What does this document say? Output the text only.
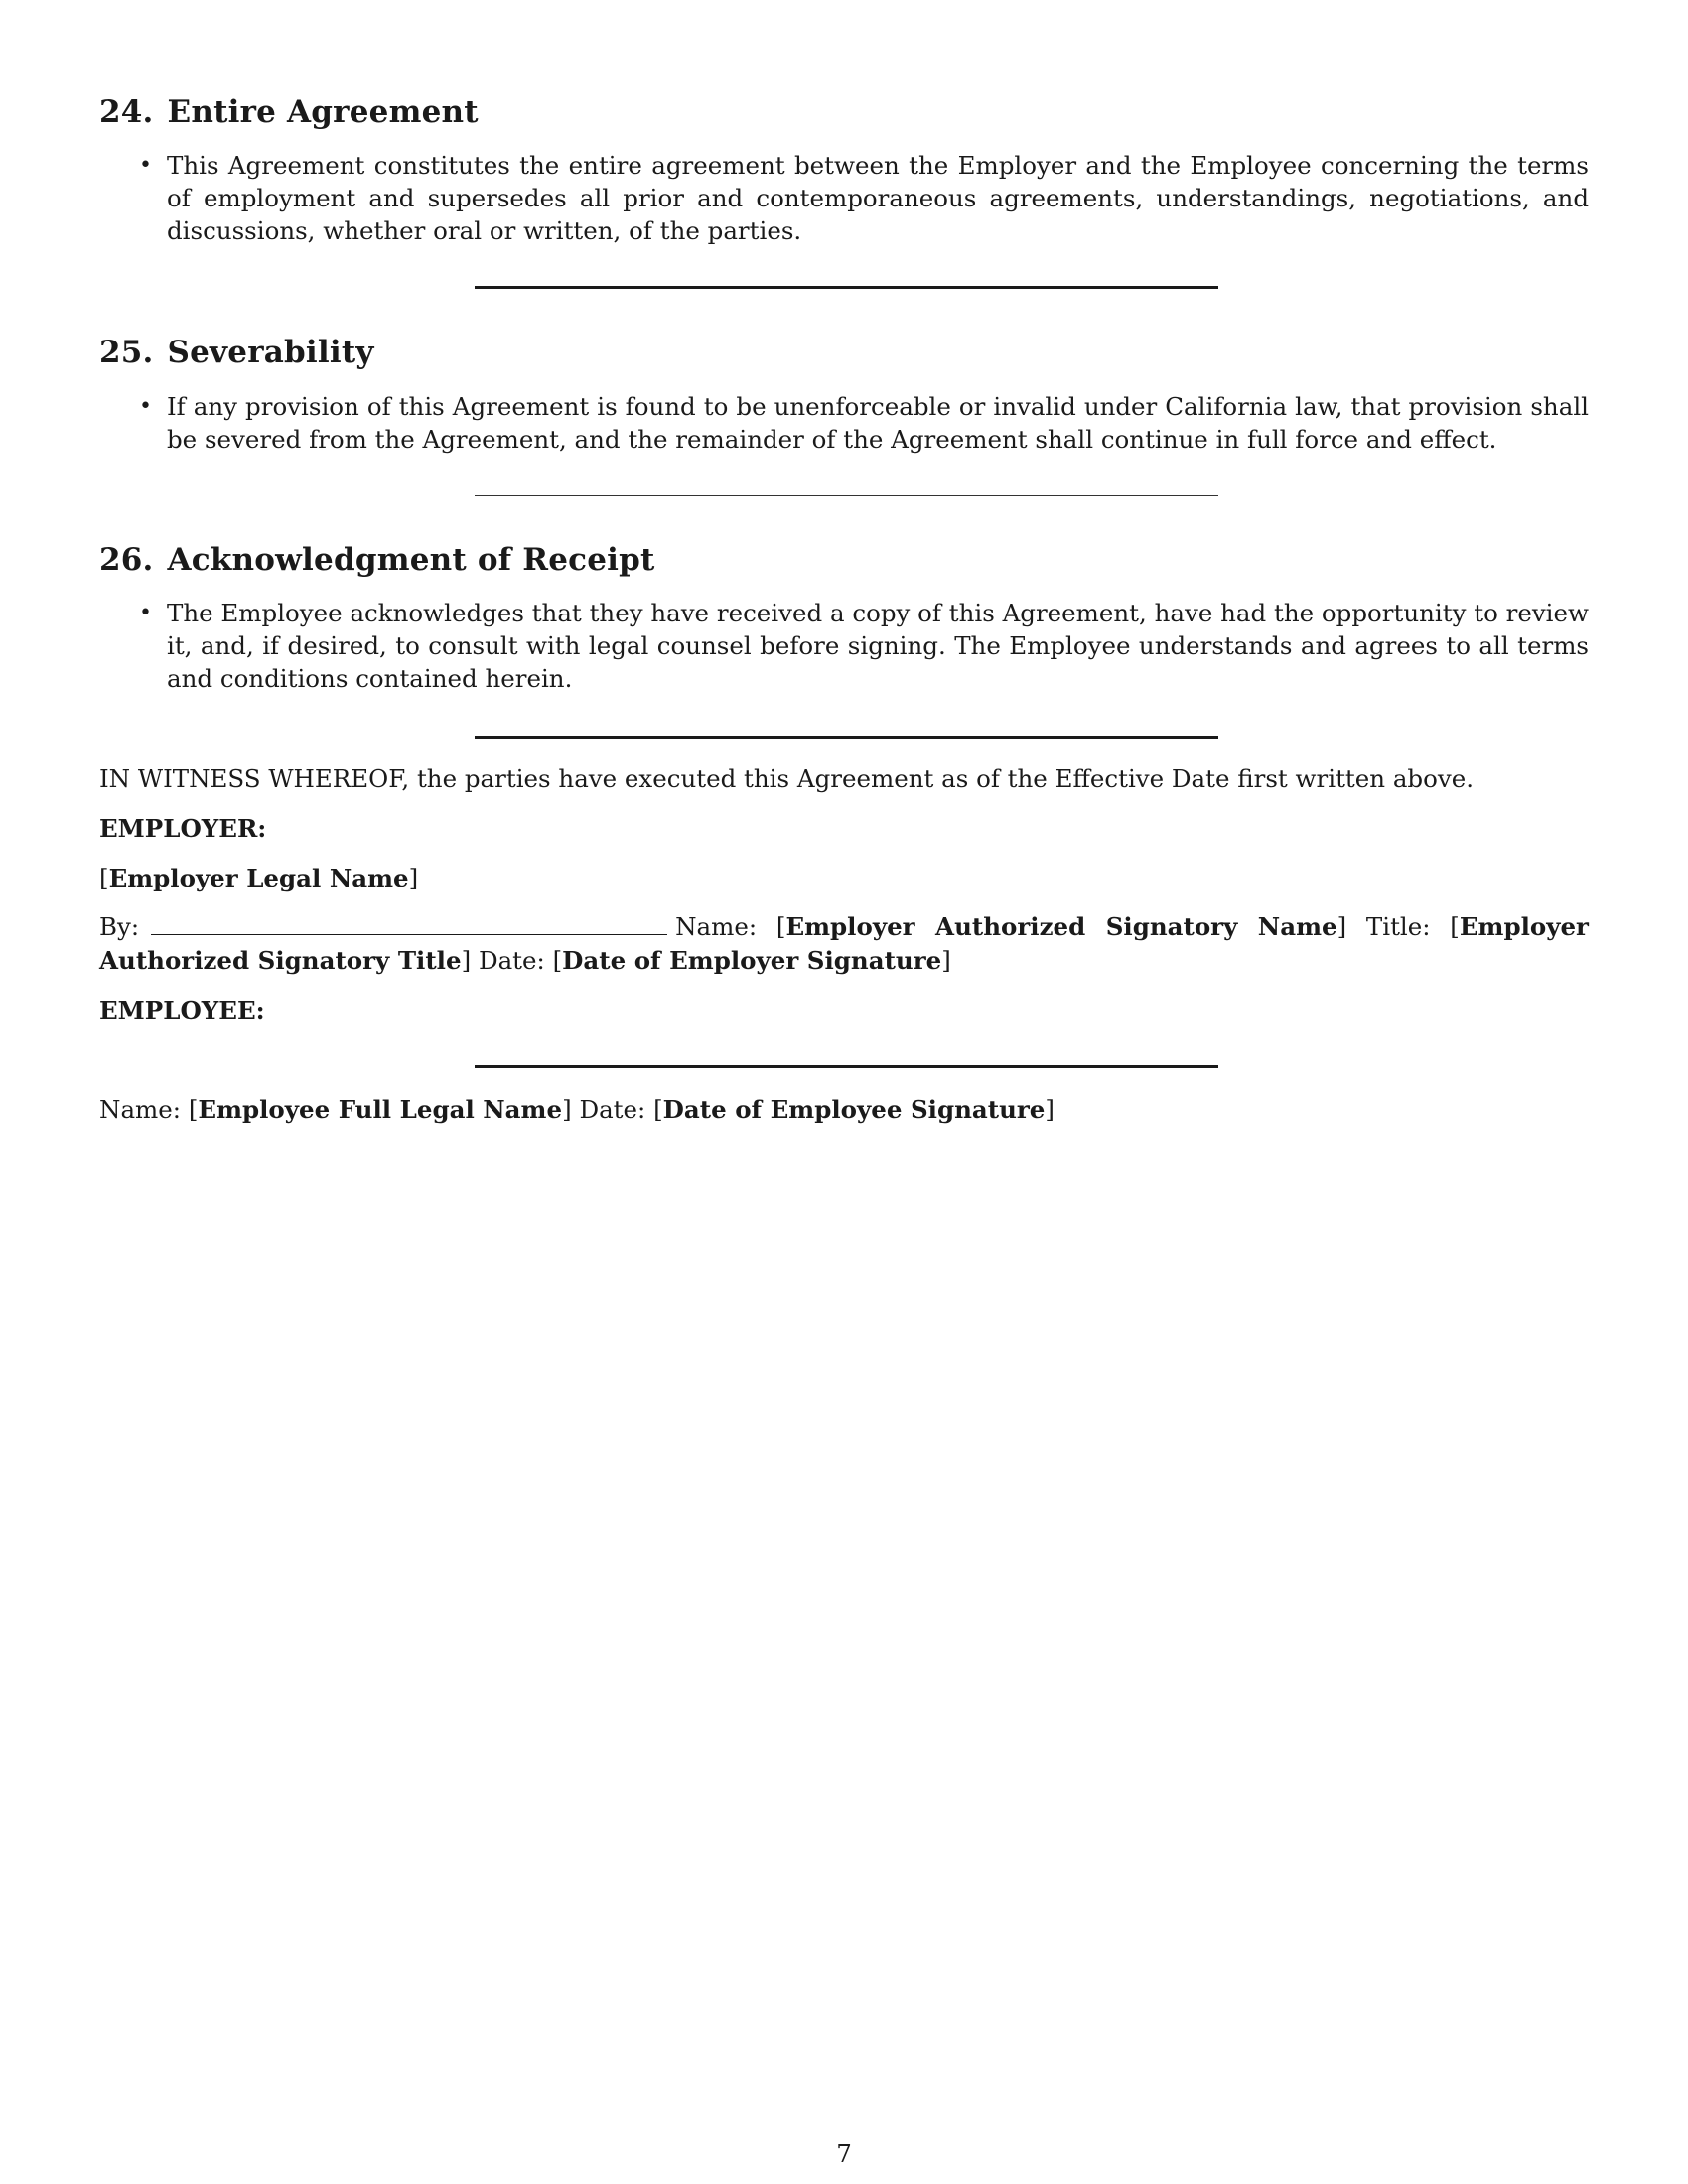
24. Entire Agreement
• This Agreement constitutes the entire agreement between the Employer and the Employee concerning the terms of employment and supersedes all prior and contemporaneous agreements, understandings, negotiations, and discussions, whether oral or written, of the parties.

25. Severability
• If any provision of this Agreement is found to be unenforceable or invalid under California law, that provision shall be severed from the Agreement, and the remainder of the Agreement shall continue in full force and effect.

26. Acknowledgment of Receipt
• The Employee acknowledges that they have received a copy of this Agreement, have had the opportunity to review it, and, if desired, to consult with legal counsel before signing. The Employee understands and agrees to all terms and conditions contained herein.

IN WITNESS WHEREOF, the parties have executed this Agreement as of the Effective Date first written above.
EMPLOYER:
[Employer Legal Name]
By:	Name: [Employer Authorized Signatory Name] Title: [Employer
Authorized Signatory Title] Date: [Date of Employer Signature]
EMPLOYEE:
Name: [Employee Full Legal Name] Date: [Date of Employee Signature]
7
